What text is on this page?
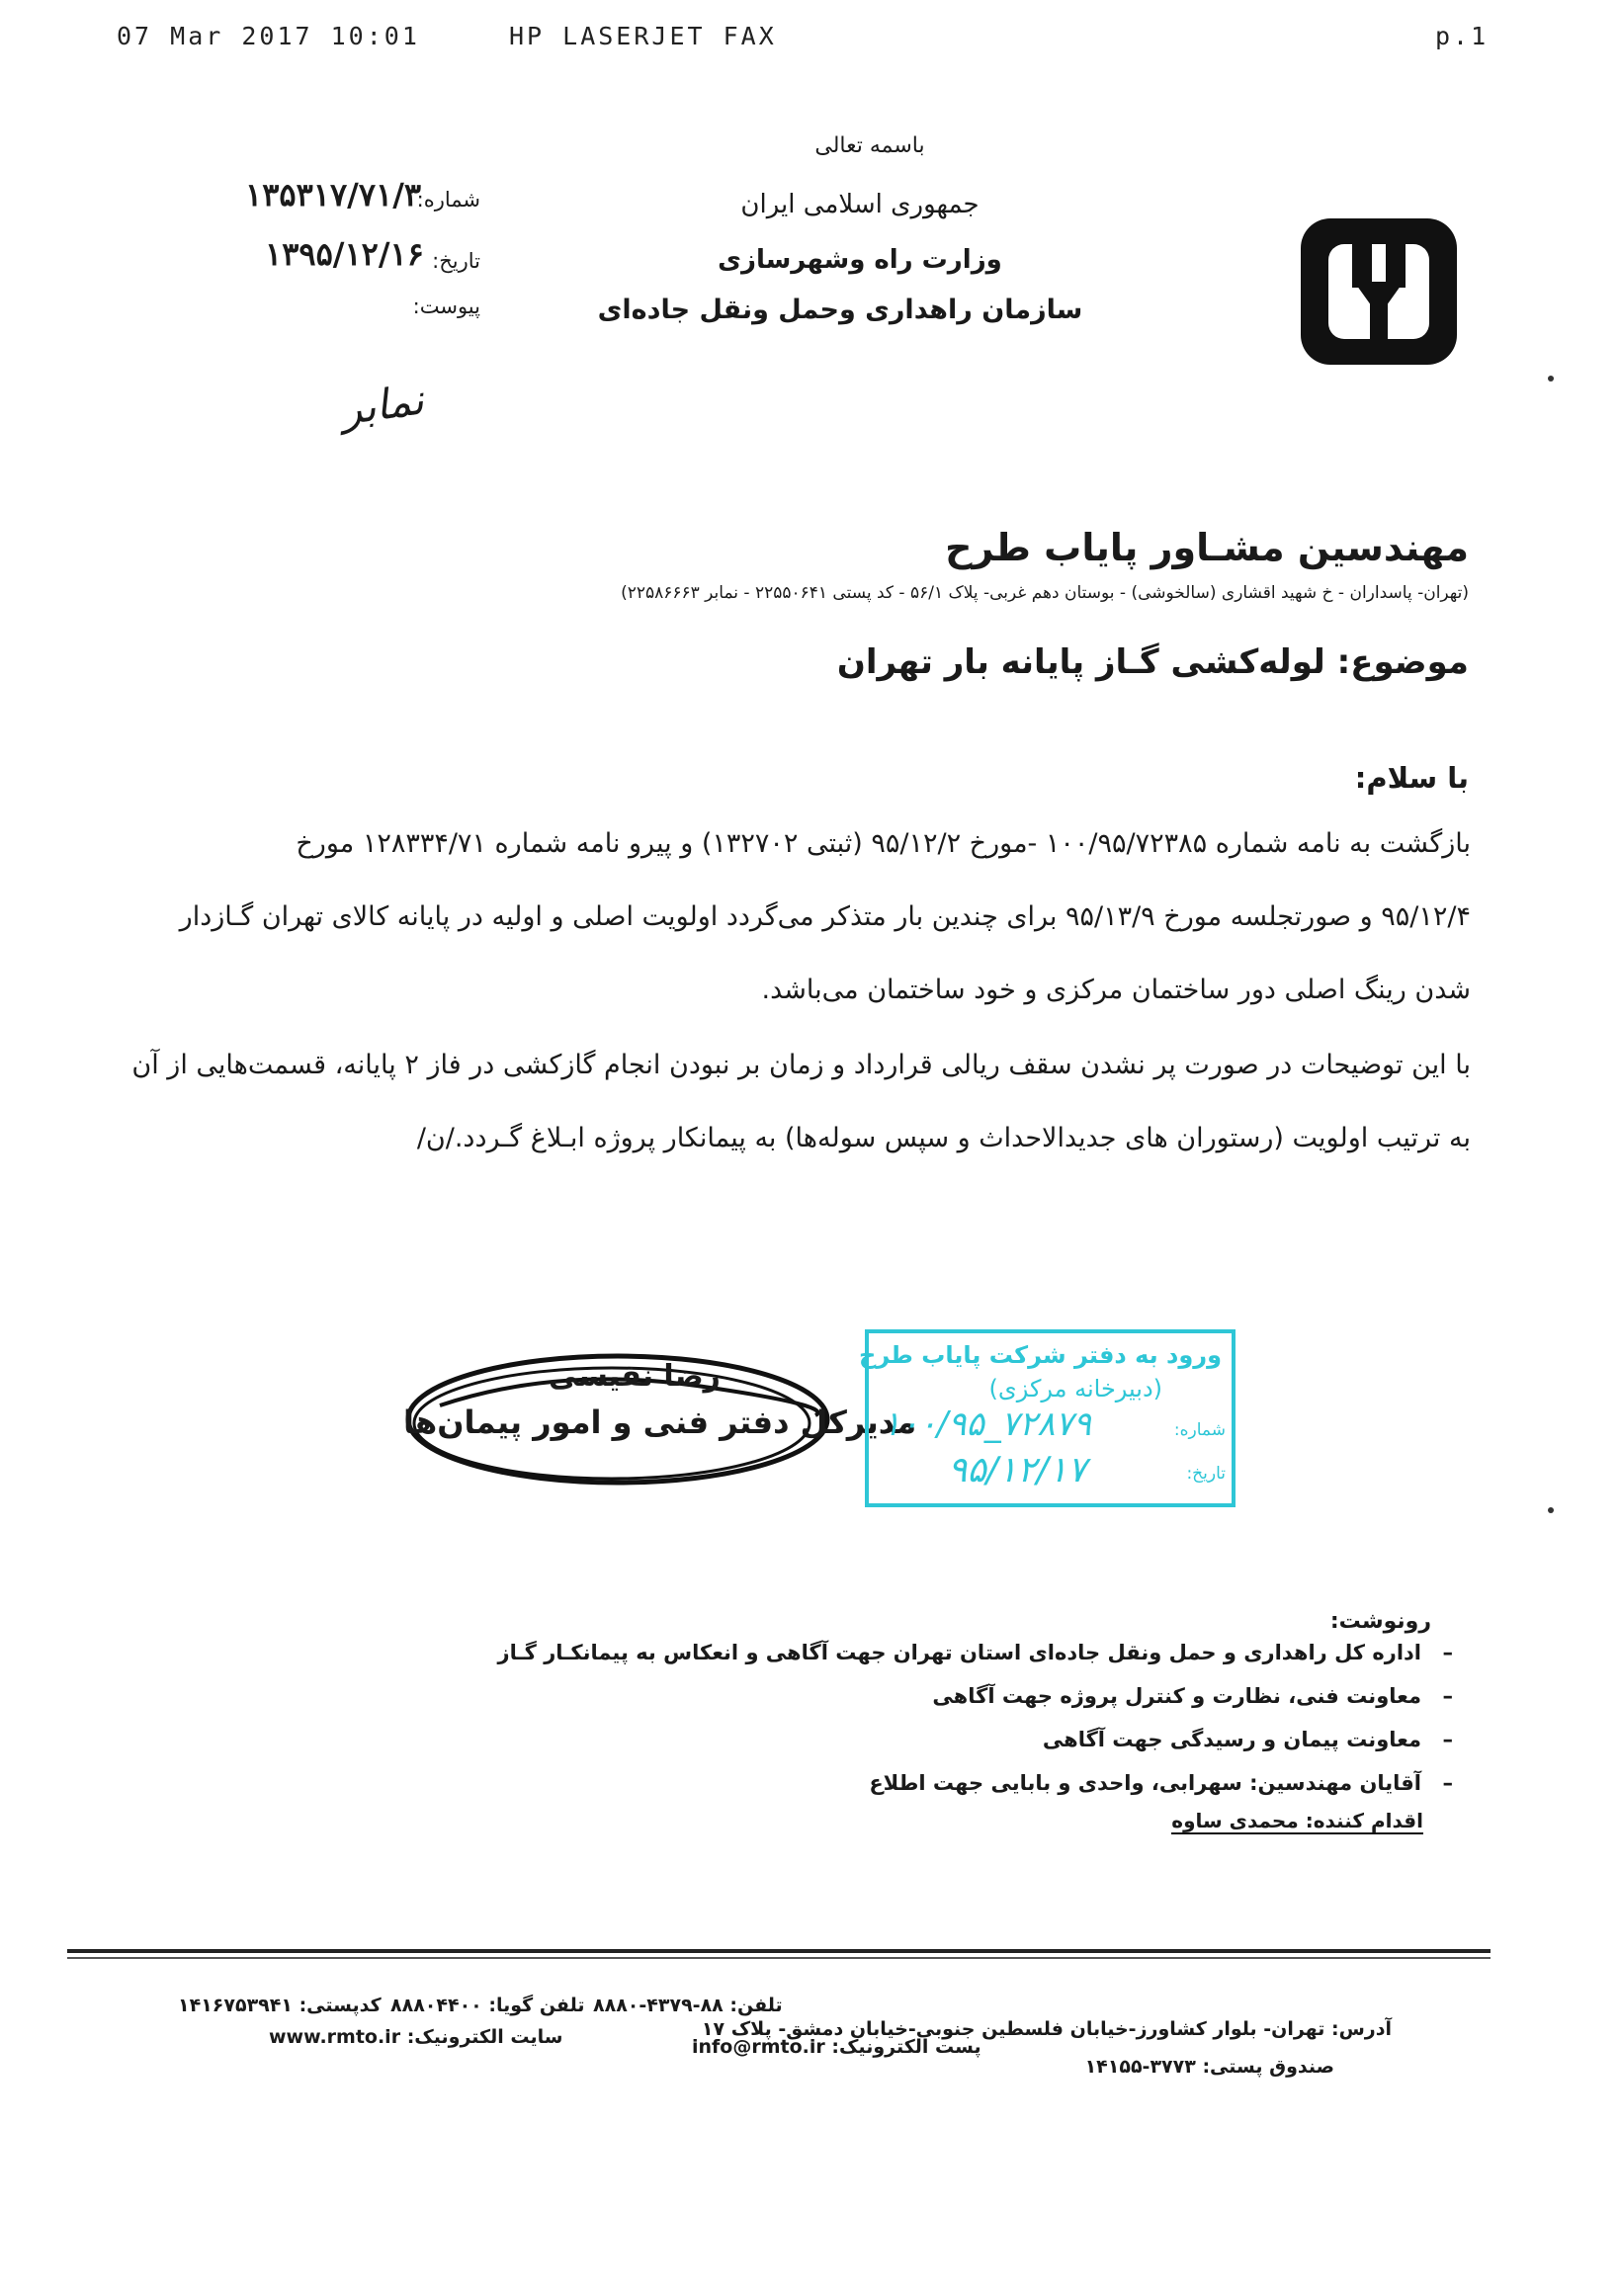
07 Mar 2017 10:01	HP LASERJET FAX	p.1
باسمه تعالی
جمهوری اسلامی ایران
وزارت راه وشهرسازی
سازمان راهداری وحمل ونقل جاده‌ای
شماره:
۱۳۵۳۱۷/۷۱/۳
تاریخ:
۱۳۹۵/۱۲/۱۶
پیوست:
نمابر
مهندسین مشـاور پایاب طرح
(تهران- پاسداران - خ شهید اقشاری (سالخوشی) - بوستان دهم غربی- پلاک ۵۶/۱ - کد پستی ۲۲۵۵۰۶۴۱ - نمابر ۲۲۵۸۶۶۶۳)
موضوع: لوله‌کشی گـاز پایانه بار تهران
با سلام:
بازگشت به نامه شماره ۱۰۰/۹۵/۷۲۳۸۵ -مورخ ۹۵/۱۲/۲ (ثبتی ۱۳۲۷۰۲) و پیرو نامه شماره ۱۲۸۳۳۴/۷۱ مورخ
۹۵/۱۲/۴ و صورتجلسه مورخ ۹۵/۱۳/۹ برای چندین بار متذکر می‌گردد اولویت اصلی و اولیه در پایانه کالای تهران گـازدار
شدن رینگ اصلی دور ساختمان مرکزی و خود ساختمان می‌باشد.
با این توضیحات در صورت پر نشدن سقف ریالی قرارداد و زمان بر نبودن انجام گازکشی در فاز ۲ پایانه، قسمت‌هایی از آن
به ترتیب اولویت (رستوران های جدیدالاحداث و سپس سوله‌ها) به پیمانکار پروژه ابـلاغ گـردد./ن/
رضا نفیسی
مدیرکل دفتر فنی و امور پیمان‌ها
ورود به دفتر شرکت پایاب طرح
(دبیرخانه مرکزی)
شماره:
۱۰۰/۹۵_۷۲۸۷۹
تاریخ:
۹۵/۱۲/۱۷
رونوشت:
–
اداره کل راهداری و حمل ونقل جاده‌ای استان تهران جهت آگاهی و انعکاس به پیمانکـار گـاز
–
معاونت فنی، نظارت و کنترل پروژه جهت آگاهی
–
معاونت پیمان و رسیدگی جهت آگاهی
–
آقایان مهندسین: سهرابی، واحدی و بابایی جهت اطلاع
اقدام کننده: محمدی ساوه
آدرس: تهران- بلوار کشاورز-خیابان فلسطین جنوبی-خیابان دمشق- پلاک ۱۷
تلفن: ۸۸-۴۳۷۹-۸۸۸۰
تلفن گویا: ۸۸۸۰۴۴۰۰
کدپستی: ۱۴۱۶۷۵۳۹۴۱
صندوق پستی: ۳۷۷۳-۱۴۱۵۵
پست الکترونیک: info@rmto.ir
سایت الکترونیک: www.rmto.ir
